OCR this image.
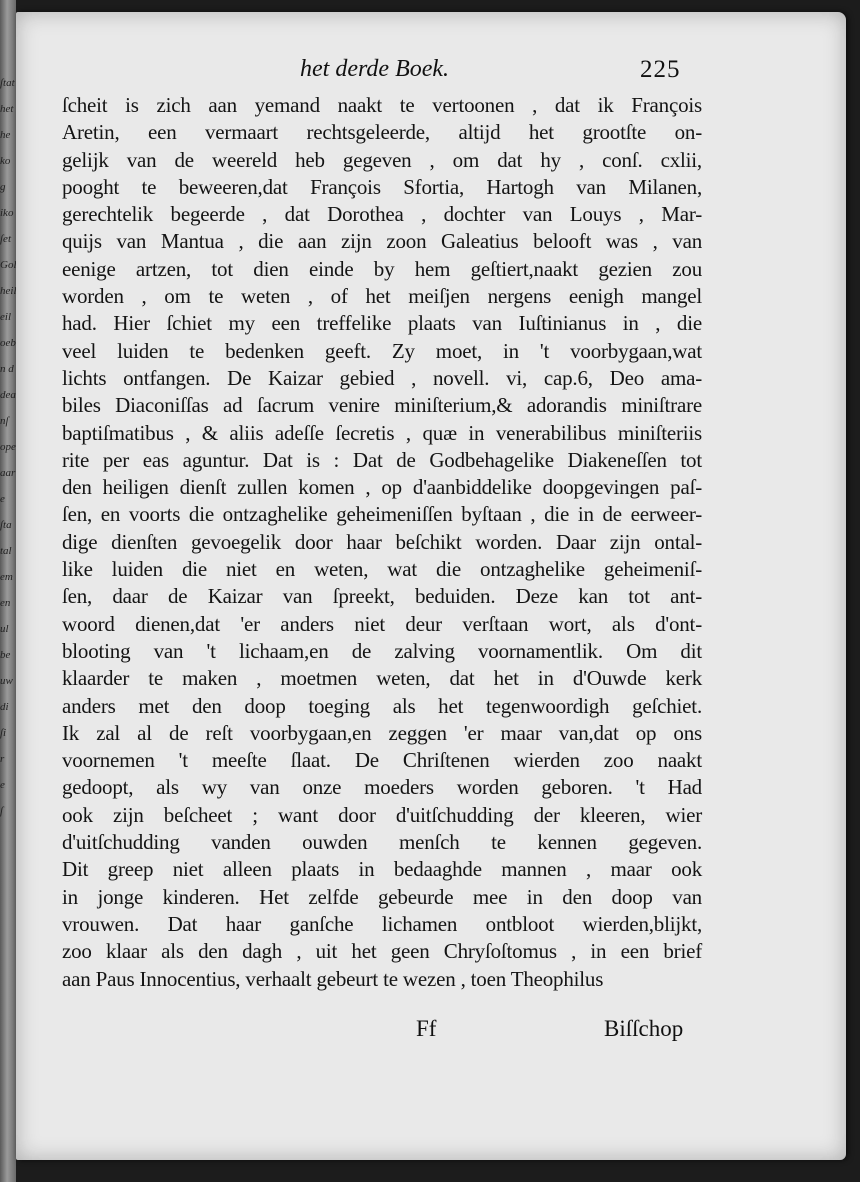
ſtat
het
he
ko
g
iko
ſet
Gol
heil
eil
oeb
n d
dea
nſ
ope
aar
e
ſta
tal
em
en
ul
be
uw
di
ſi
r
e
ſ
het derde Boek.	225
ſcheit is zich aan yemand naakt te vertoonen , dat ik François
Aretin, een vermaart rechtsgeleerde, altijd het grootſte on-
gelijk van de weereld heb gegeven , om dat hy , conſ. cxlii,
pooght te beweeren,dat François Sfortia, Hartogh van Milanen,
gerechtelik begeerde , dat Dorothea , dochter van Louys , Mar-
quijs van Mantua , die aan zijn zoon Galeatius belooft was , van
eenige artzen, tot dien einde by hem geſtiert,naakt gezien zou
worden , om te weten , of het meiſjen nergens eenigh mangel
had. Hier ſchiet my een treffelike plaats van Iuſtinianus in , die
veel luiden te bedenken geeft. Zy moet, in 't voorbygaan,wat
lichts ontfangen. De Kaizar gebied , novell. vi, cap.6, Deo ama-
biles Diaconiſſas ad ſacrum venire miniſterium,& adorandis miniſtrare
baptiſmatibus , & aliis adeſſe ſecretis , quæ in venerabilibus miniſteriis
rite per eas aguntur. Dat is : Dat de Godbehagelike Diakeneſſen tot
den heiligen dienſt zullen komen , op d'aanbiddelike doopgevingen paſ-
ſen, en voorts die ontzaghelike geheimeniſſen byſtaan , die in de eerweer-
dige dienſten gevoegelik door haar beſchikt worden. Daar zijn ontal-
like luiden die niet en weten, wat die ontzaghelike geheimeniſ-
ſen, daar de Kaizar van ſpreekt, beduiden. Deze kan tot ant-
woord dienen,dat 'er anders niet deur verſtaan wort, als d'ont-
blooting van 't lichaam,en de zalving voornamentlik. Om dit
klaarder te maken , moetmen weten, dat het in d'Ouwde kerk
anders met den doop toeging als het tegenwoordigh geſchiet.
Ik zal al de reſt voorbygaan,en zeggen 'er maar van,dat op ons
voornemen 't meeſte ſlaat. De Chriſtenen wierden zoo naakt
gedoopt, als wy van onze moeders worden geboren. 't Had
ook zijn beſcheet ; want door d'uitſchudding der kleeren, wier
d'uitſchudding vanden ouwden menſch te kennen gegeven.
Dit greep niet alleen plaats in bedaaghde mannen , maar ook
in jonge kinderen. Het zelfde gebeurde mee in den doop van
vrouwen. Dat haar ganſche lichamen ontbloot wierden,blijkt,
zoo klaar als den dagh , uit het geen Chryſoſtomus , in een brief
aan Paus Innocentius, verhaalt gebeurt te wezen , toen Theophilus
Ff	Biſſchop
